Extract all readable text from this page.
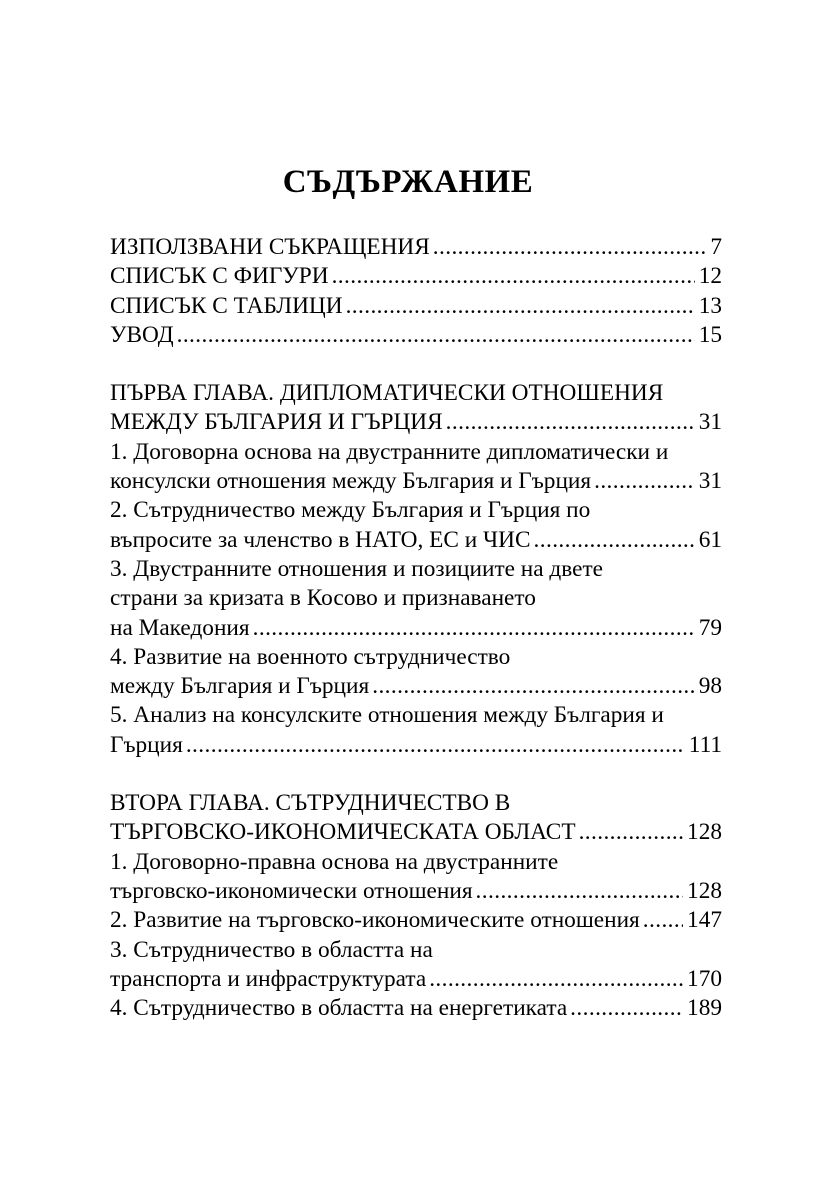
СЪДЪРЖАНИЕ
ИЗПОЛЗВАНИ СЪКРАЩЕНИЯ .....	7
СПИСЪК С ФИГУРИ .....	12
СПИСЪК С ТАБЛИЦИ .....	13
УВОД .....	15
ПЪРВА ГЛАВА. ДИПЛОМАТИЧЕСКИ ОТНОШЕНИЯ
МЕЖДУ БЪЛГАРИЯ И ГЪРЦИЯ .....	31
1. Договорна основа на двустранните дипломатически и
консулски отношения между България и Гърция .....	31
2. Сътрудничество между България и Гърция по
въпросите за членство в НАТО, ЕС и ЧИС .....	61
3. Двустранните отношения и позициите на двете
страни за кризата в Косово и признаването
на Македония .....	79
4. Развитие на военното сътрудничество
между България и Гърция .....	98
5. Анализ на консулските отношения между България и
Гърция .....	111
ВТОРА ГЛАВА. СЪТРУДНИЧЕСТВО В
ТЪРГОВСКО-ИКОНОМИЧЕСКАТА ОБЛАСТ .....	128
1. Договорно-правна основа на двустранните
търговско-икономически отношения .....	128
2. Развитие на търговско-икономическите отношения ..... 147
3. Сътрудничество в областта на
транспорта и инфраструктурата .....	170
4. Сътрудничество в областта на енергетиката .....	189
